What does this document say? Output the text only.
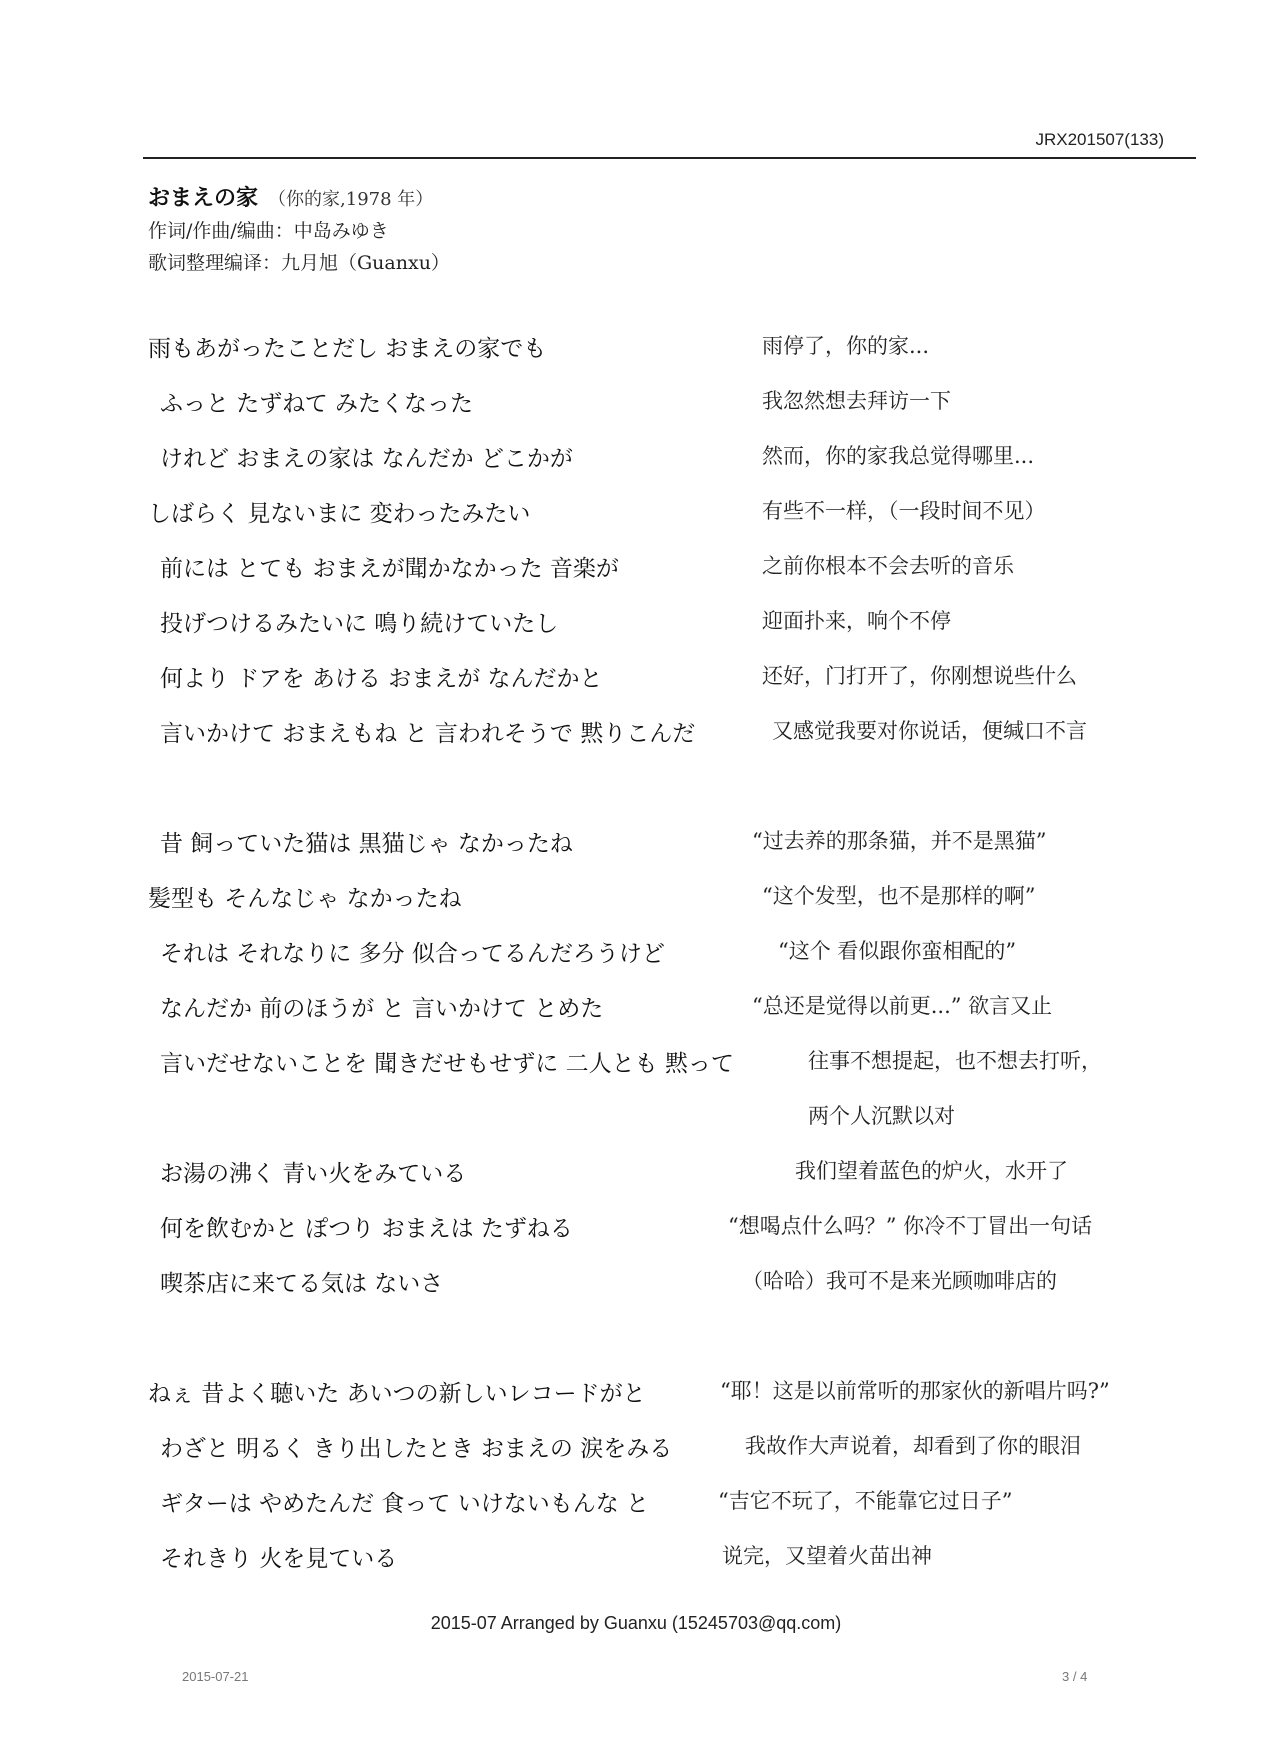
JRX201507(133)
おまえの家 （你的家,1978 年）
作词/作曲/编曲：中岛みゆき
歌词整理编译：九月旭（Guanxu）
雨もあがったことだし おまえの家でも	雨停了，你的家...
ふっと たずねて みたくなった	我忽然想去拜访一下
けれど おまえの家は なんだか どこかが	然而，你的家我总觉得哪里...
しばらく 見ないまに 変わったみたい	有些不一样，（一段时间不见）
前には とても おまえが聞かなかった 音楽が	之前你根本不会去听的音乐
投げつけるみたいに 鳴り続けていたし	迎面扑来，响个不停
何より ドアを あける おまえが なんだかと	还好，门打开了，你刚想说些什么
言いかけて おまえもね と 言われそうで 黙りこんだ	又感觉我要对你说话，便缄口不言
昔 飼っていた猫は 黒猫じゃ なかったね	“过去养的那条猫，并不是黑猫”
髪型も そんなじゃ なかったね	“这个发型，也不是那样的啊”
それは それなりに 多分 似合ってるんだろうけど	“这个 看似跟你蛮相配的”
なんだか 前のほうが と 言いかけて とめた	“总还是觉得以前更...” 欲言又止
言いだせないことを 聞きだせもせずに 二人とも 黙って	往事不想提起，也不想去打听，
两个人沉默以对
お湯の沸く 青い火をみている	我们望着蓝色的炉火，水开了
何を飲むかと ぽつり おまえは たずねる	“想喝点什么吗？” 你冷不丁冒出一句话
喫茶店に来てる気は ないさ	（哈哈）我可不是来光顾咖啡店的
ねぇ 昔よく聴いた あいつの新しいレコードがと	“耶！这是以前常听的那家伙的新唱片吗?”
わざと 明るく きり出したとき おまえの 涙をみる	我故作大声说着，却看到了你的眼泪
ギターは やめたんだ 食って いけないもんな と	“吉它不玩了，不能靠它过日子”
それきり 火を見ている	说完，又望着火苗出神
2015-07 Arranged by Guanxu (15245703@qq.com)
2015-07-21	3 / 4
